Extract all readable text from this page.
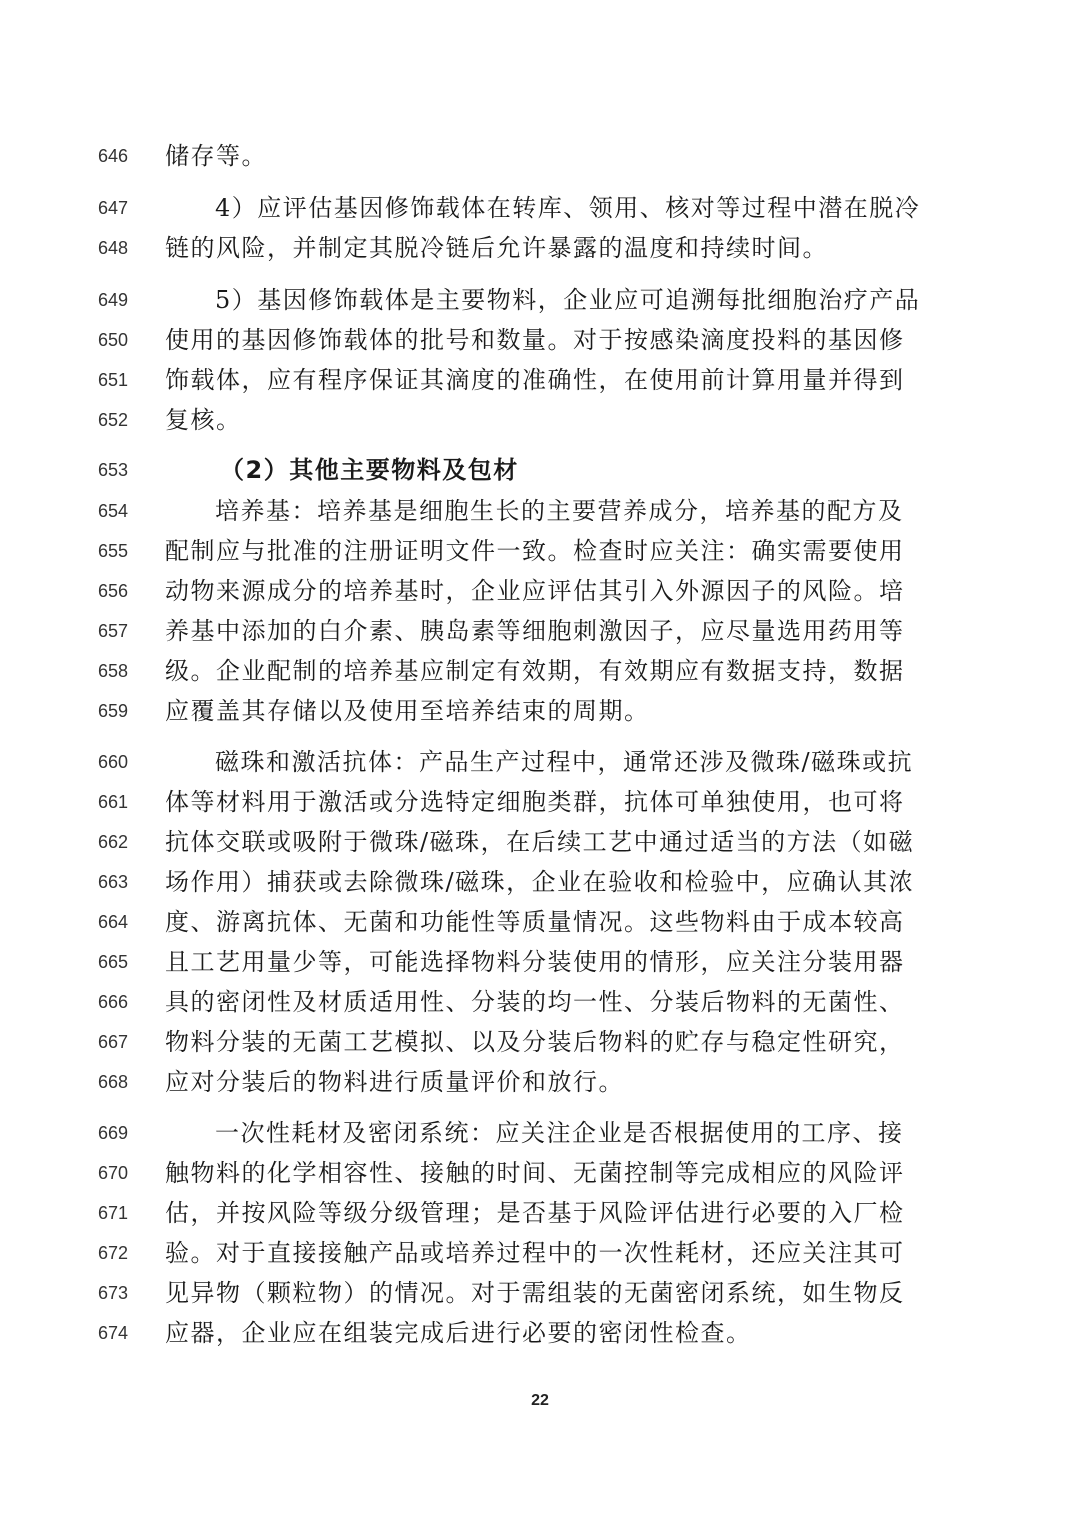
646	储存等。
647	4）应评估基因修饰载体在转库、领用、核对等过程中潜在脱冷
648	链的风险，并制定其脱冷链后允许暴露的温度和持续时间。
649	5）基因修饰载体是主要物料，企业应可追溯每批细胞治疗产品
650	使用的基因修饰载体的批号和数量。对于按感染滴度投料的基因修
651	饰载体，应有程序保证其滴度的准确性，在使用前计算用量并得到
652	复核。
653	（2）其他主要物料及包材
654	培养基：培养基是细胞生长的主要营养成分，培养基的配方及
655	配制应与批准的注册证明文件一致。检查时应关注：确实需要使用
656	动物来源成分的培养基时，企业应评估其引入外源因子的风险。培
657	养基中添加的白介素、胰岛素等细胞刺激因子，应尽量选用药用等
658	级。企业配制的培养基应制定有效期，有效期应有数据支持，数据
659	应覆盖其存储以及使用至培养结束的周期。
660	磁珠和激活抗体：产品生产过程中，通常还涉及微珠/磁珠或抗
661	体等材料用于激活或分选特定细胞类群，抗体可单独使用，也可将
662	抗体交联或吸附于微珠/磁珠，在后续工艺中通过适当的方法（如磁
663	场作用）捕获或去除微珠/磁珠，企业在验收和检验中，应确认其浓
664	度、游离抗体、无菌和功能性等质量情况。这些物料由于成本较高
665	且工艺用量少等，可能选择物料分装使用的情形，应关注分装用器
666	具的密闭性及材质适用性、分装的均一性、分装后物料的无菌性、
667	物料分装的无菌工艺模拟、以及分装后物料的贮存与稳定性研究，
668	应对分装后的物料进行质量评价和放行。
669	一次性耗材及密闭系统：应关注企业是否根据使用的工序、接
670	触物料的化学相容性、接触的时间、无菌控制等完成相应的风险评
671	估，并按风险等级分级管理；是否基于风险评估进行必要的入厂检
672	验。对于直接接触产品或培养过程中的一次性耗材，还应关注其可
673	见异物（颗粒物）的情况。对于需组装的无菌密闭系统，如生物反
674	应器，企业应在组装完成后进行必要的密闭性检查。
22
